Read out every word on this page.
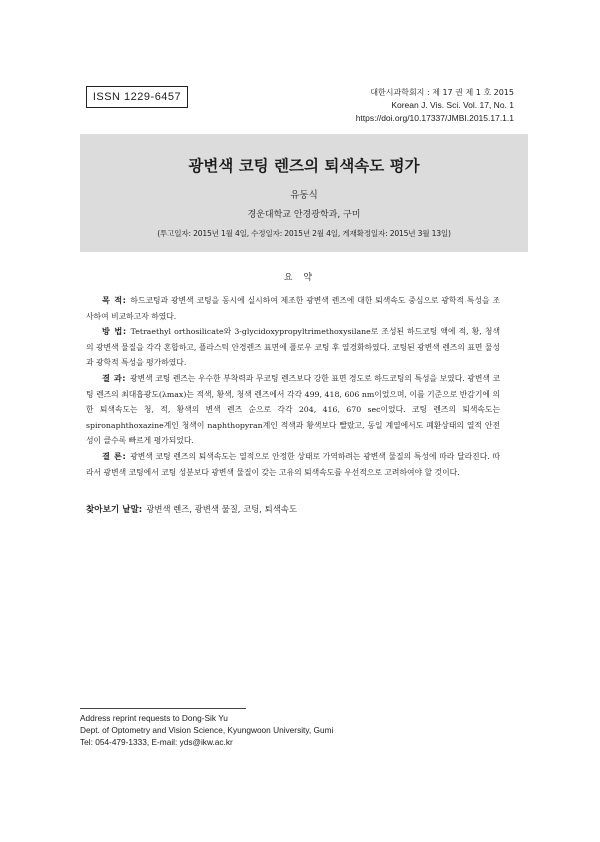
ISSN 1229-6457	대한시과학회지 : 제 17 권 제 1 호 2015
Korean J. Vis. Sci. Vol. 17, No. 1
https://doi.org/10.17337/JMBI.2015.17.1.1
광변색 코팅 렌즈의 퇴색속도 평가
유동식
경운대학교 안경광학과, 구미
(투고일자: 2015년 1월 4일, 수정일자: 2015년 2월 4일, 게재확정일자: 2015년 3월 13일)
요 약
목 적: 하드코팅과 광변색 코팅을 동시에 실시하여 제조한 광변색 렌즈에 대한 퇴색속도 중심으로 광학적 특성을 조사하여 비교하고자 하였다.
방 법: Tetraethyl orthosilicate와 3-glycidoxypropyltrimethoxysilane로 조성된 하드코팅 액에 적, 황, 청색의 광변색 물질을 각각 혼합하고, 플라스틱 안경렌즈 표면에 플로우 코팅 후 열경화하였다. 코팅된 광변색 렌즈의 표면 물성과 광학적 특성을 평가하였다.
결 과: 광변색 코팅 렌즈는 우수한 부착력과 무코팅 렌즈보다 강한 표면 경도로 하드코팅의 특성을 보였다. 광변색 코팅 렌즈의 최대흡광도(λmax)는 적색, 황색, 청색 렌즈에서 각각 499, 418, 606 nm이었으며, 이를 기준으로 반감기에 의한 퇴색속도는 청, 적, 황색의 변색 렌즈 순으로 각각 204, 416, 670 sec이었다. 코팅 렌즈의 퇴색속도는 spironaphthoxazine계인 청색이 naphthopyran계인 적색과 황색보다 빨랐고, 동일 계열에서도 폐환상태의 열적 안전성이 클수록 빠르게 평가되었다.
결 론: 광변색 코팅 렌즈의 퇴색속도는 열적으로 안정한 상태로 가역하려는 광변색 물질의 특성에 따라 달라진다. 따라서 광변색 코팅에서 코팅 성분보다 광변색 물질이 갖는 고유의 퇴색속도를 우선적으로 고려하여야 할 것이다.
찾아보기 낱말: 광변색 렌즈, 광변색 물질, 코팅, 퇴색속도
Address reprint requests to Dong-Sik Yu
Dept. of Optometry and Vision Science, Kyungwoon University, Gumi
Tel: 054-479-1333, E-mail: yds@ikw.ac.kr
